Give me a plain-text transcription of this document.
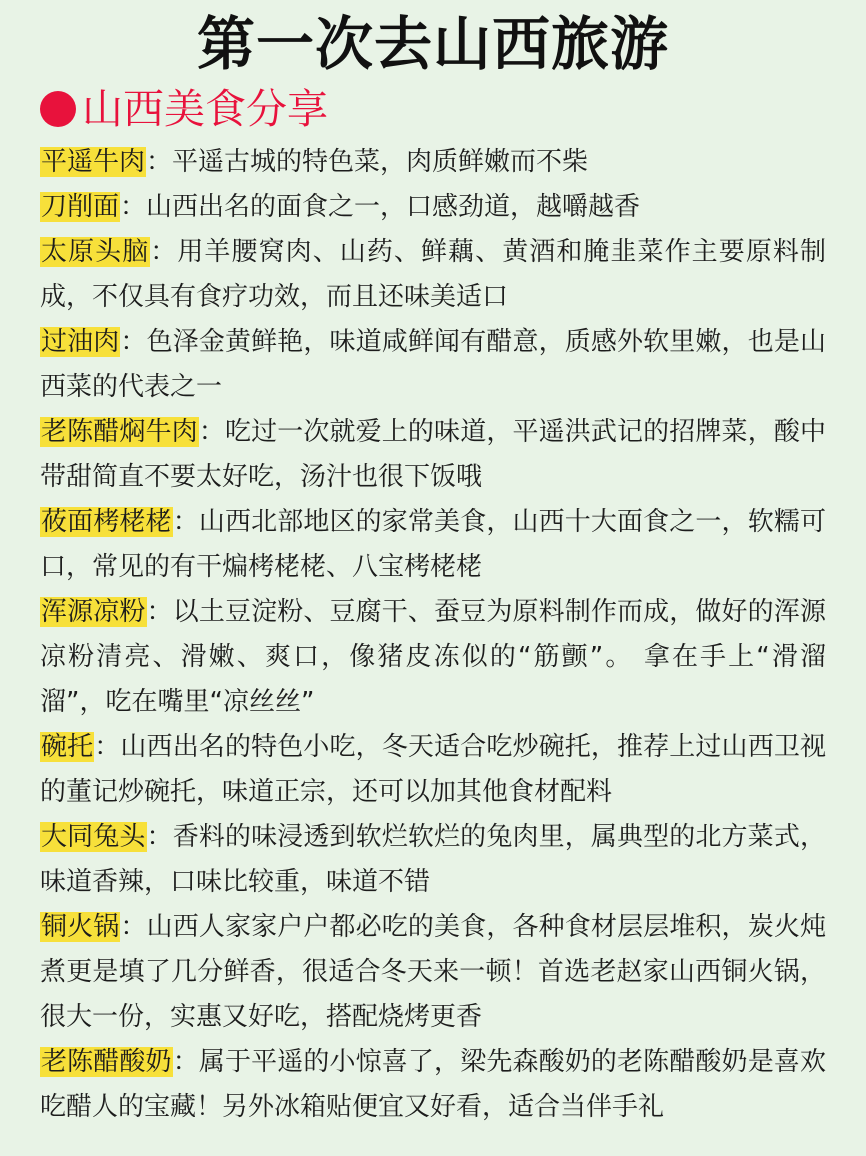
第一次去山西旅游
山西美食分享

平遥牛肉：平遥古城的特色菜，肉质鲜嫩而不柴

刀削面：山西出名的面食之一，口感劲道，越嚼越香

太原头脑：用羊腰窝肉、山药、鲜藕、黄酒和腌韭菜作主要原料制成，不仅具有食疗功效，而且还味美适口

过油肉：色泽金黄鲜艳，味道咸鲜闻有醋意，质感外软里嫩，也是山西菜的代表之一

老陈醋焖牛肉：吃过一次就爱上的味道，平遥洪武记的招牌菜，酸中带甜简直不要太好吃，汤汁也很下饭哦

莜面栲栳栳：山西北部地区的家常美食，山西十大面食之一，软糯可口，常见的有干煸栲栳栳、八宝栲栳栳

浑源凉粉：以土豆淀粉、豆腐干、蚕豆为原料制作而成，做好的浑源凉粉清亮、滑嫩、爽口，像猪皮冻似的“筋颤”。 拿在手上“滑溜溜”，吃在嘴里“凉丝丝”

碗托：山西出名的特色小吃，冬天适合吃炒碗托，推荐上过山西卫视的董记炒碗托，味道正宗，还可以加其他食材配料

大同兔头：香料的味浸透到软烂软烂的兔肉里，属典型的北方菜式，味道香辣，口味比较重，味道不错

铜火锅：山西人家家户户都必吃的美食，各种食材层层堆积，炭火炖煮更是填了几分鲜香，很适合冬天来一顿！首选老赵家山西铜火锅，很大一份，实惠又好吃，搭配烧烤更香

老陈醋酸奶：属于平遥的小惊喜了，梁先森酸奶的老陈醋酸奶是喜欢吃醋人的宝藏！另外冰箱贴便宜又好看，适合当伴手礼
